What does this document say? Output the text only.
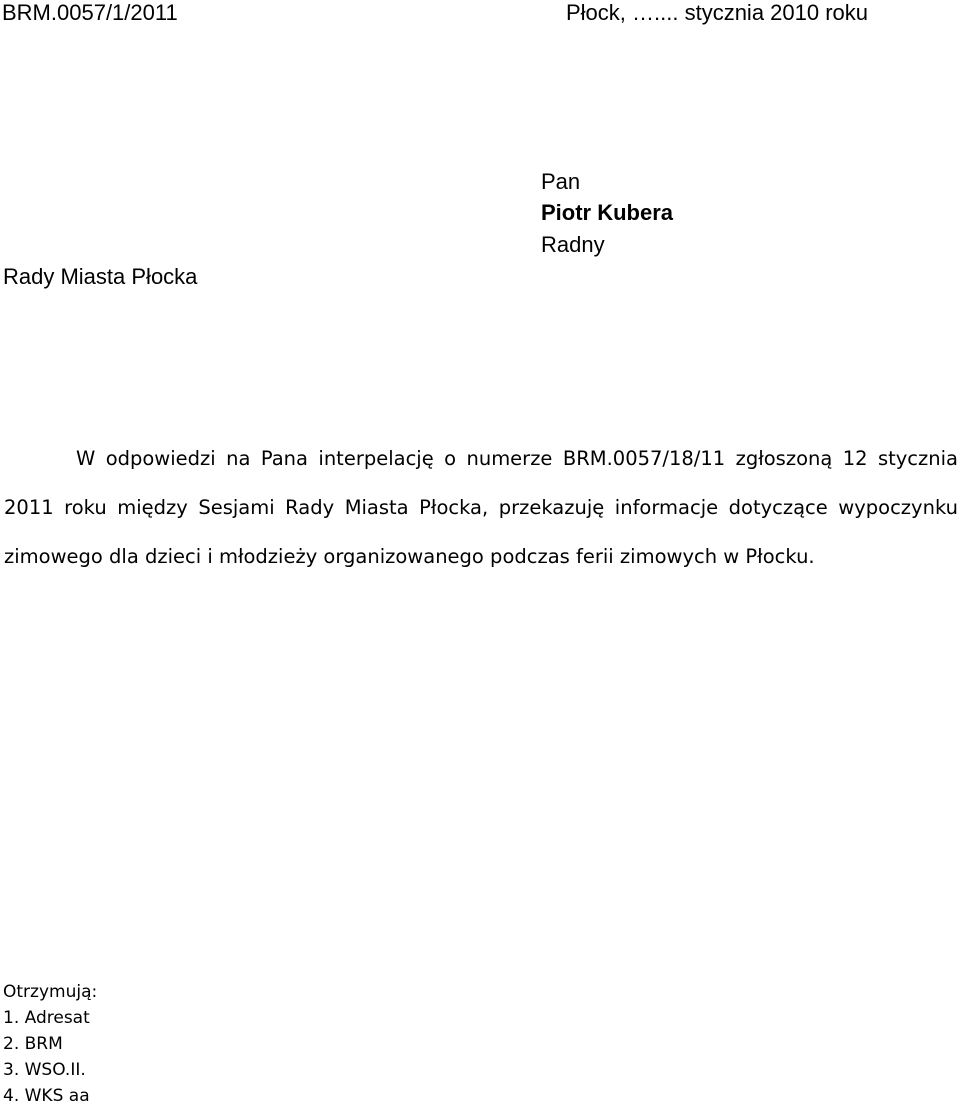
BRM.0057/1/2011	Płock, ….... stycznia 2010 roku
Pan
Piotr Kubera
Radny
Rady Miasta Płocka

W odpowiedzi na Pana interpelację o numerze BRM.0057/18/11 zgłoszoną 12 stycznia 2011 roku między Sesjami Rady Miasta Płocka, przekazuję informacje dotyczące wypoczynku zimowego dla dzieci i młodzieży organizowanego podczas ferii zimowych w Płocku.

Otrzymują:
1. Adresat
2. BRM
3. WSO.II.
4. WKS aa
